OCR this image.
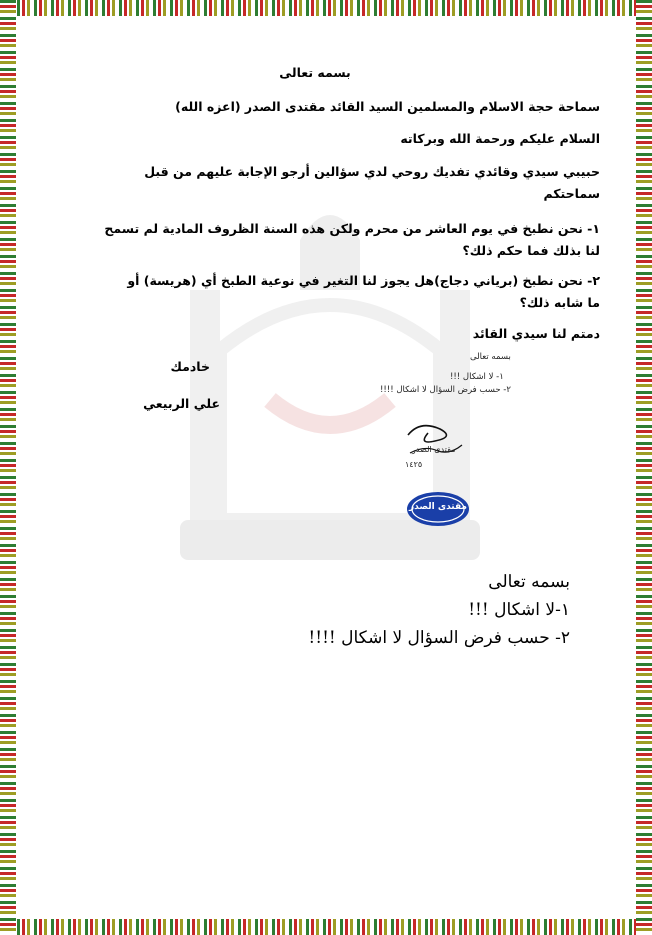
بسمه تعالى
سماحة حجة الاسلام والمسلمين السيد القائد مقتدى الصدر (اعزه الله)
السلام عليكم ورحمة الله وبركاته
حبيبي سيدي وقائدي تفديك روحي لدي سؤالين أرجو الإجابة عليهم من قبل
سماحتكم
١- نحن نطبخ في يوم العاشر من محرم ولكن هذه السنة الظروف المادية لم تسمح
لنا بذلك فما حكم ذلك؟
٢- نحن نطبخ (برياني دجاج)هل يجوز لنا التغير في نوعية الطبخ أي (هريسة) أو
ما شابه ذلك؟
دمتم لنا سيدي القائد
خادمك
علي الربيعي
بسمه تعالى
١- لا اشكال !!!
٢- حسب فرض السؤال لا اشكال !!!!
مقتدى الصدر
١٤٢٥
مقتدى الصدر
بسمه تعالى
١-لا اشكال !!!
٢- حسب فرض السؤال لا اشكال !!!!
